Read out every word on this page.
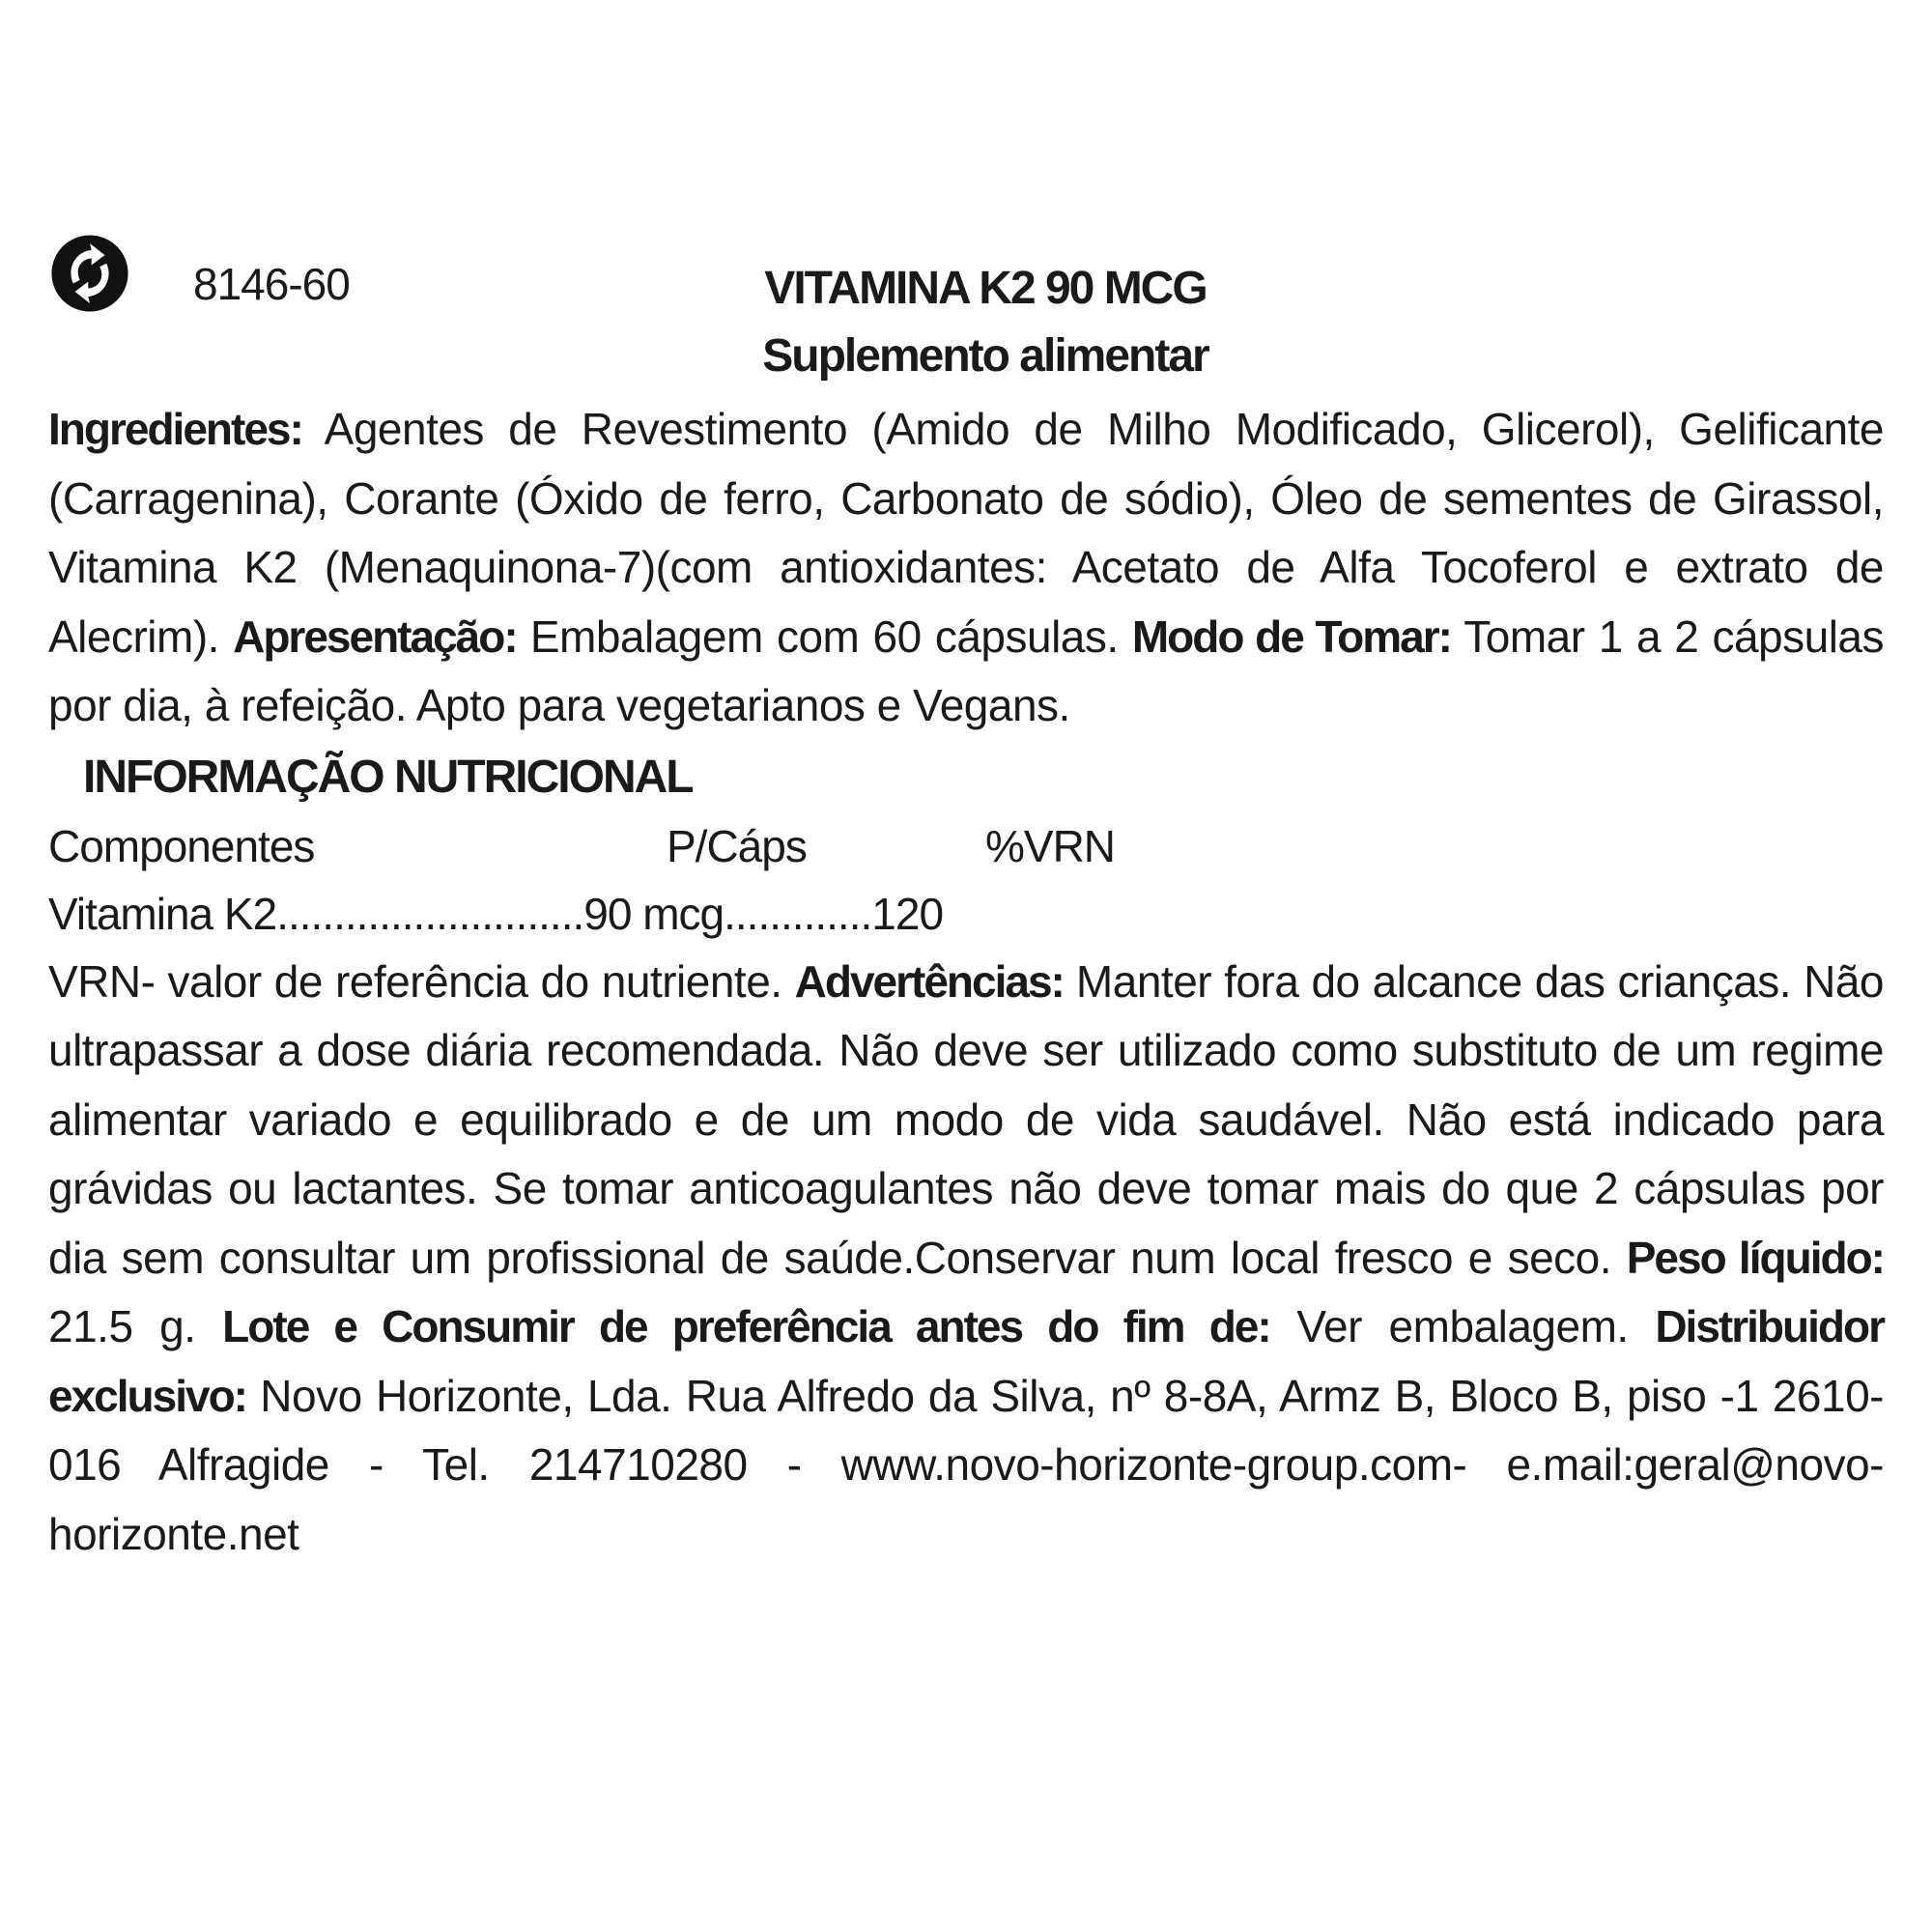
8146-60	VITAMINA K2 90 MCG
Suplemento alimentar

Ingredientes: Agentes de Revestimento (Amido de Milho Modificado, Glicerol), Gelificante (Carragenina), Corante (Óxido de ferro, Carbonato de sódio), Óleo de sementes de Girassol, Vitamina K2 (Menaquinona-7)(com antioxidantes: Acetato de Alfa Tocoferol e extrato de Alecrim). Apresentação: Embalagem com 60 cápsulas. Modo de Tomar: Tomar 1 a 2 cápsulas por dia, à refeição. Apto para vegetarianos e Vegans.

INFORMAÇÃO NUTRICIONAL
Componentes	P/Cáps	%VRN
Vitamina K2 ........................... 90 mcg ............. 120

VRN- valor de referência do nutriente. Advertências: Manter fora do alcance das crianças. Não ultrapassar a dose diária recomendada. Não deve ser utilizado como substituto de um regime alimentar variado e equilibrado e de um modo de vida saudável. Não está indicado para grávidas ou lactantes. Se tomar anticoagulantes não deve tomar mais do que 2 cápsulas por dia sem consultar um profissional de saúde.Conservar num local fresco e seco. Peso líquido: 21.5 g. Lote e Consumir de preferência antes do fim de: Ver embalagem. Distribuidor exclusivo: Novo Horizonte, Lda. Rua Alfredo da Silva, nº 8-8A, Armz B, Bloco B, piso -1 2610-016 Alfragide - Tel. 214710280 - www.novo-horizonte-group.com- e.mail:geral@novo-horizonte.net
